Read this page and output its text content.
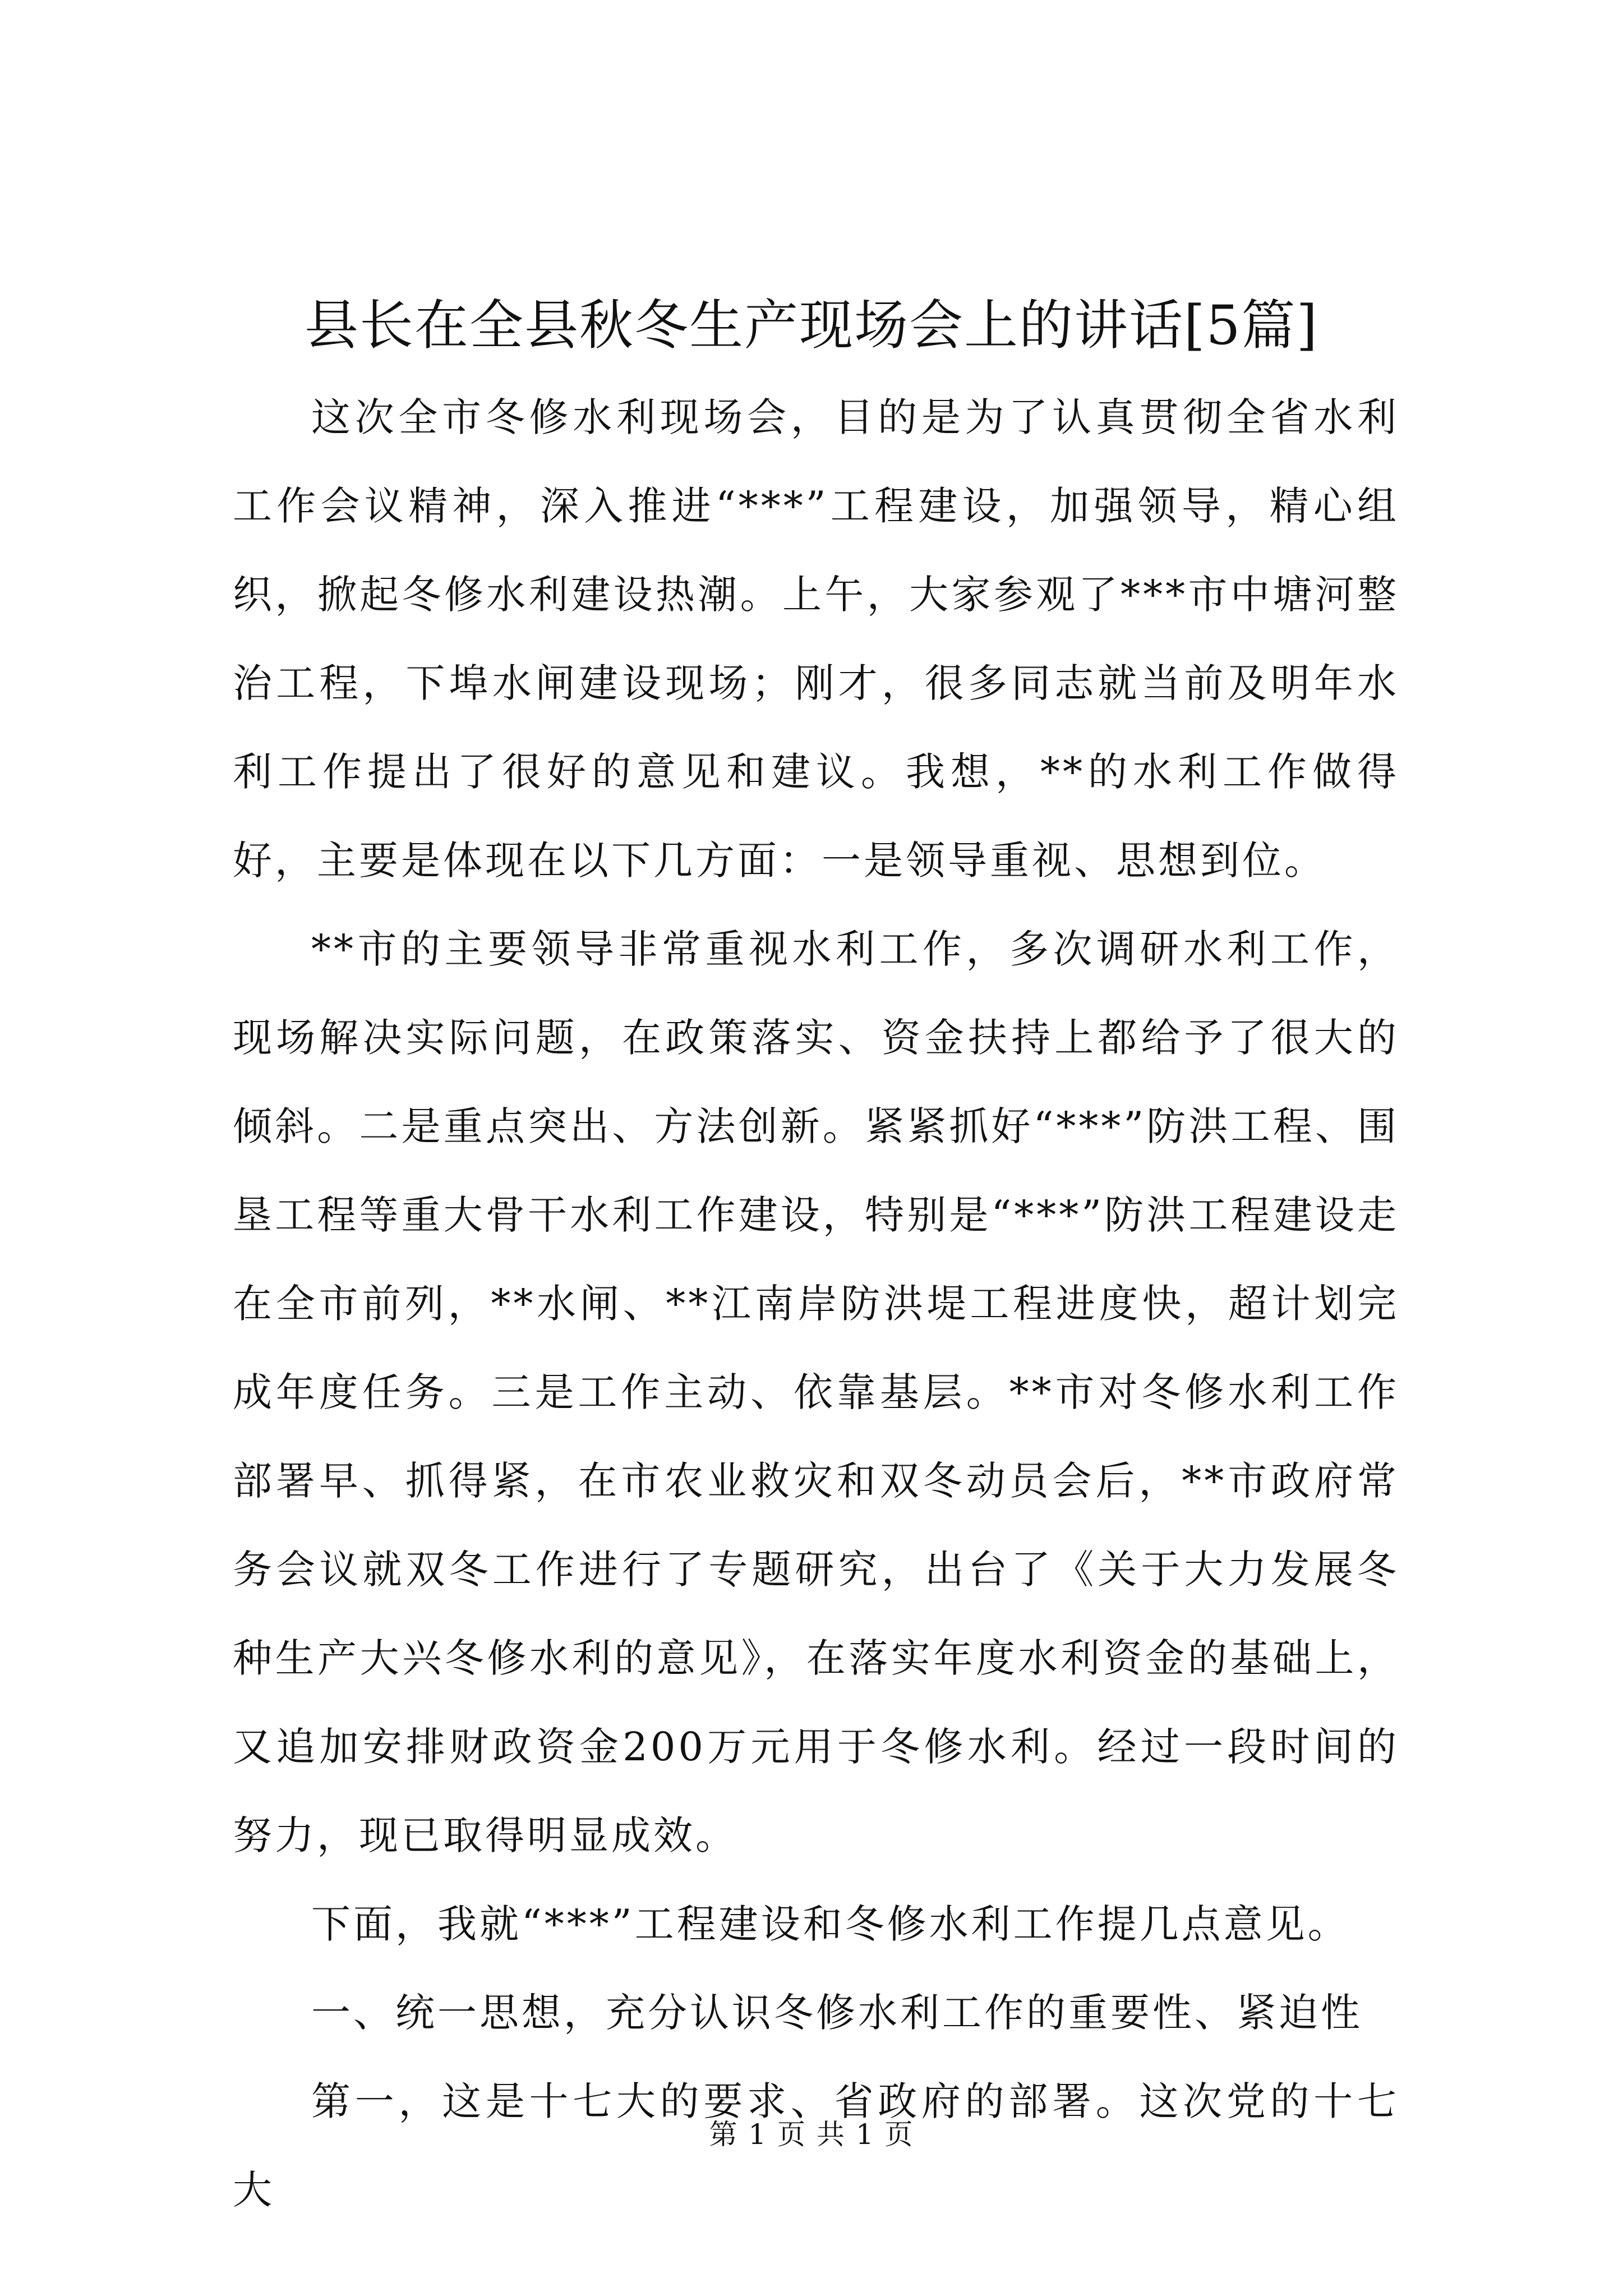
县长在全县秋冬生产现场会上的讲话[5篇]

这次全市冬修水利现场会，目的是为了认真贯彻全省水利工作会议精神，深入推进“***”工程建设，加强领导，精心组织，掀起冬修水利建设热潮。上午，大家参观了***市中塘河整治工程，下埠水闸建设现场；刚才，很多同志就当前及明年水利工作提出了很好的意见和建议。我想，**的水利工作做得好，主要是体现在以下几方面：一是领导重视、思想到位。

**市的主要领导非常重视水利工作，多次调研水利工作，现场解决实际问题，在政策落实、资金扶持上都给予了很大的倾斜。二是重点突出、方法创新。紧紧抓好“***”防洪工程、围垦工程等重大骨干水利工作建设，特别是“***”防洪工程建设走在全市前列，**水闸、**江南岸防洪堤工程进度快，超计划完成年度任务。三是工作主动、依靠基层。**市对冬修水利工作部署早、抓得紧，在市农业救灾和双冬动员会后，**市政府常务会议就双冬工作进行了专题研究，出台了《关于大力发展冬种生产大兴冬修水利的意见》，在落实年度水利资金的基础上，又追加安排财政资金200万元用于冬修水利。经过一段时间的努力，现已取得明显成效。

下面，我就“***”工程建设和冬修水利工作提几点意见。

一、统一思想，充分认识冬修水利工作的重要性、紧迫性

第一，这是十七大的要求、省政府的部署。这次党的十七大

第 1 页 共 1 页
